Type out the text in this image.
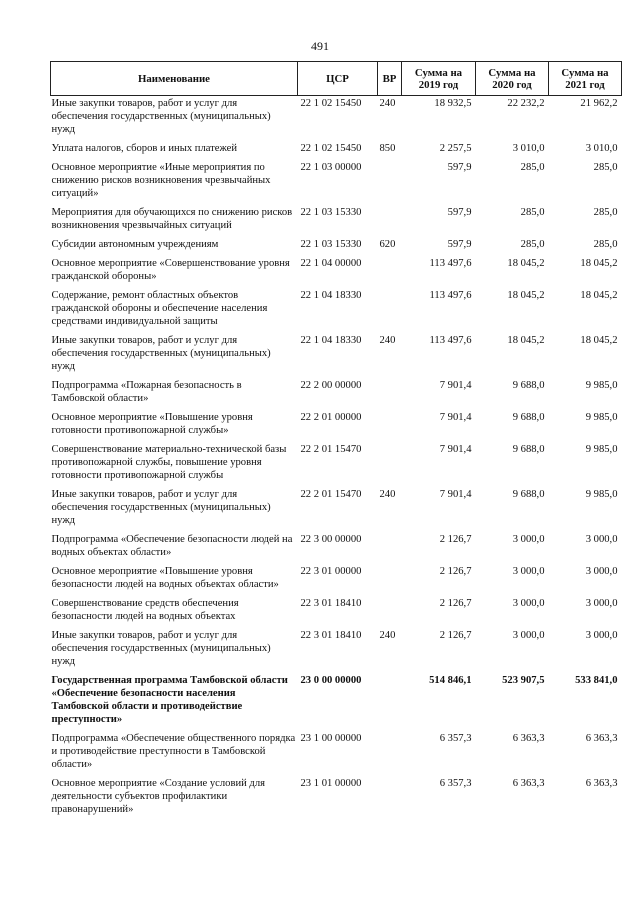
491
Наименование	ЦСР	ВР	Сумма на 2019 год	Сумма на 2020 год	Сумма на 2021 год
Иные закупки товаров, работ и услуг для обеспечения государственных (муниципальных) нужд	22 1 02 15450	240	18 932,5	22 232,2	21 962,2
Уплата налогов, сборов и иных платежей	22 1 02 15450	850	2 257,5	3 010,0	3 010,0
Основное мероприятие «Иные мероприятия по снижению рисков возникновения чрезвычайных ситуаций»	22 1 03 00000		597,9	285,0	285,0
Мероприятия для обучающихся по снижению рисков возникновения чрезвычайных ситуаций	22 1 03 15330		597,9	285,0	285,0
Субсидии автономным учреждениям	22 1 03 15330	620	597,9	285,0	285,0
Основное мероприятие «Совершенствование уровня гражданской обороны»	22 1 04 00000		113 497,6	18 045,2	18 045,2
Содержание, ремонт областных объектов гражданской обороны и обеспечение населения средствами индивидуальной защиты	22 1 04 18330		113 497,6	18 045,2	18 045,2
Иные закупки товаров, работ и услуг для обеспечения государственных (муниципальных) нужд	22 1 04 18330	240	113 497,6	18 045,2	18 045,2
Подпрограмма «Пожарная безопасность в Тамбовской области»	22 2 00 00000		7 901,4	9 688,0	9 985,0
Основное мероприятие «Повышение уровня готовности противопожарной службы»	22 2 01 00000		7 901,4	9 688,0	9 985,0
Совершенствование материально-технической базы противопожарной службы, повышение уровня готовности противопожарной службы	22 2 01 15470		7 901,4	9 688,0	9 985,0
Иные закупки товаров, работ и услуг для обеспечения государственных (муниципальных) нужд	22 2 01 15470	240	7 901,4	9 688,0	9 985,0
Подпрограмма «Обеспечение безопасности людей на водных объектах области»	22 3 00 00000		2 126,7	3 000,0	3 000,0
Основное мероприятие «Повышение уровня безопасности людей на водных объектах области»	22 3 01 00000		2 126,7	3 000,0	3 000,0
Совершенствование средств обеспечения безопасности людей на водных объектах	22 3 01 18410		2 126,7	3 000,0	3 000,0
Иные закупки товаров, работ и услуг для обеспечения государственных (муниципальных) нужд	22 3 01 18410	240	2 126,7	3 000,0	3 000,0
Государственная программа Тамбовской области «Обеспечение безопасности населения Тамбовской области и противодействие преступности»	23 0 00 00000		514 846,1	523 907,5	533 841,0
Подпрограмма «Обеспечение общественного порядка и противодействие преступности в Тамбовской области»	23 1 00 00000		6 357,3	6 363,3	6 363,3
Основное мероприятие «Создание условий для деятельности субъектов профилактики правонарушений»	23 1 01 00000		6 357,3	6 363,3	6 363,3
